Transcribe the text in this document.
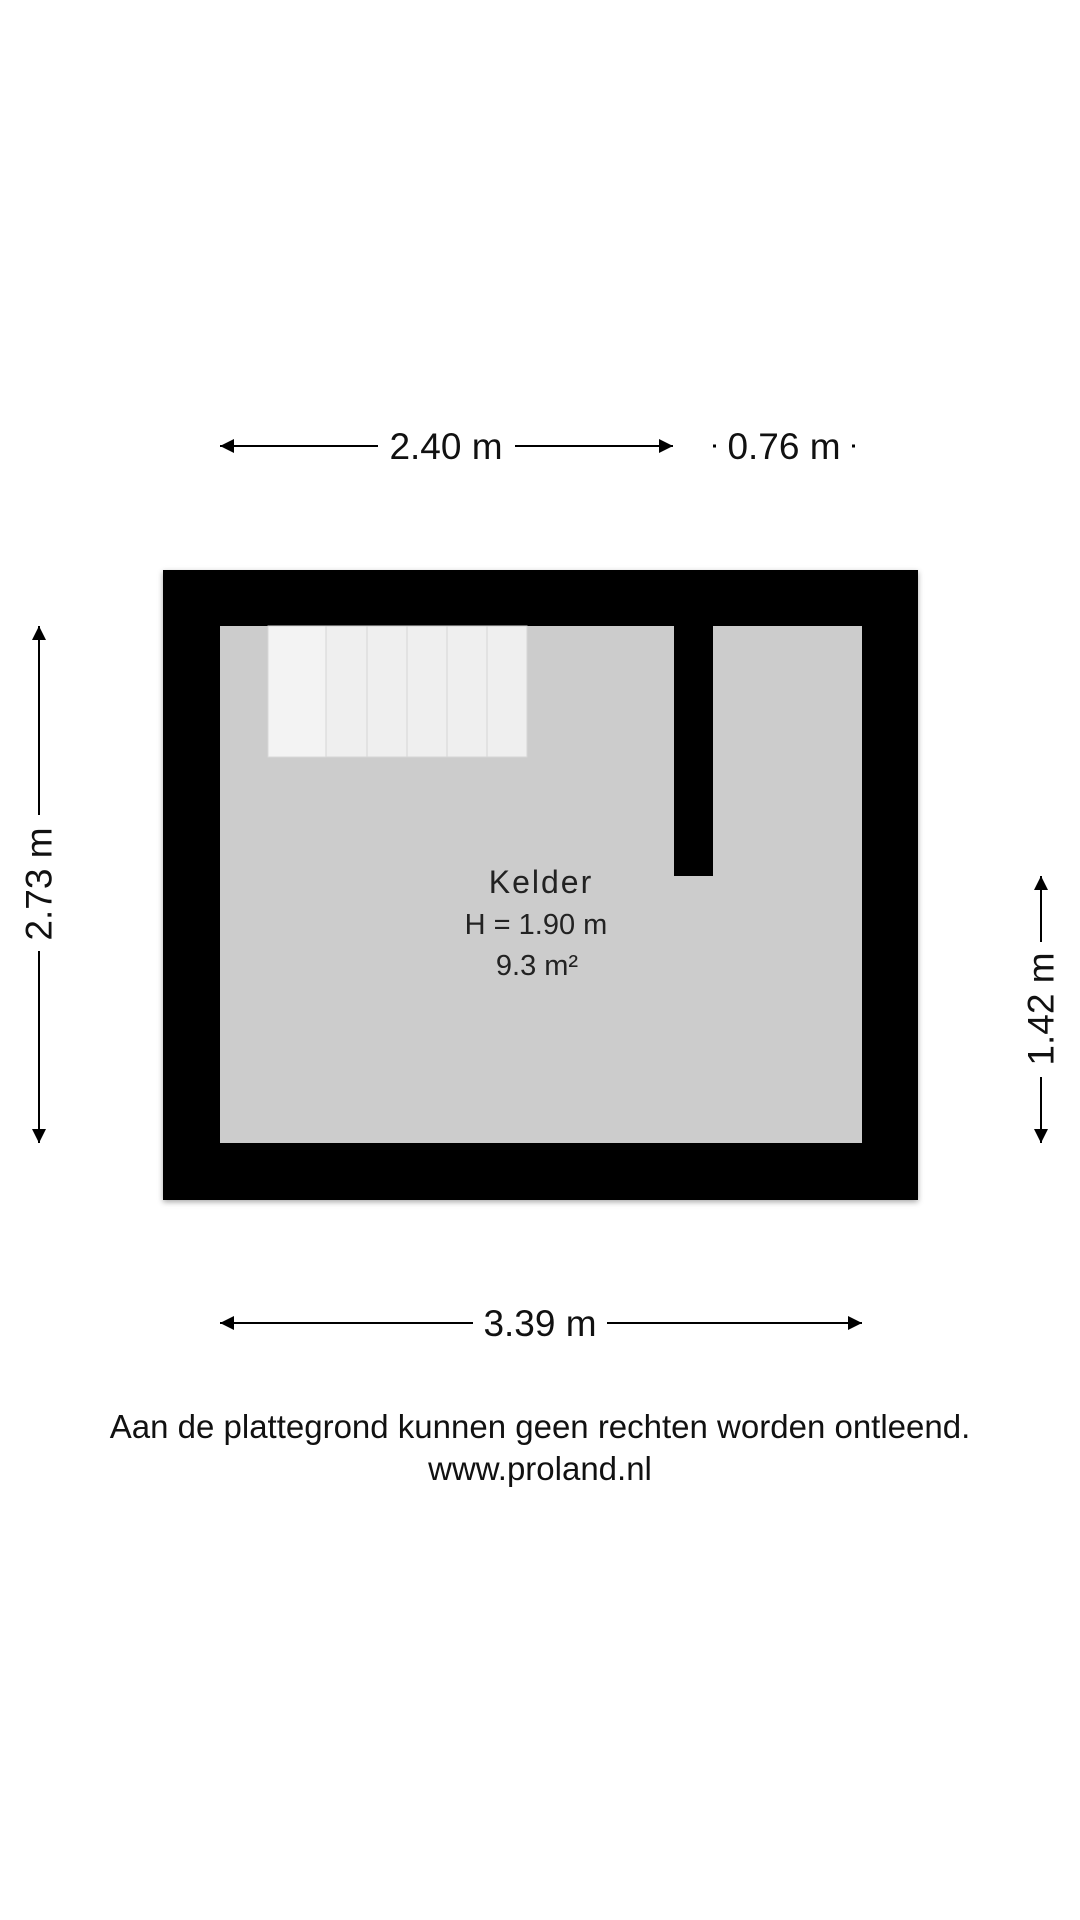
Kelder
H = 1.90 m
9.3 m²
2.40 m	0.76 m
3.39 m
2.73 m
1.42 m
Aan de plattegrond kunnen geen rechten worden ontleend.
www.proland.nl
